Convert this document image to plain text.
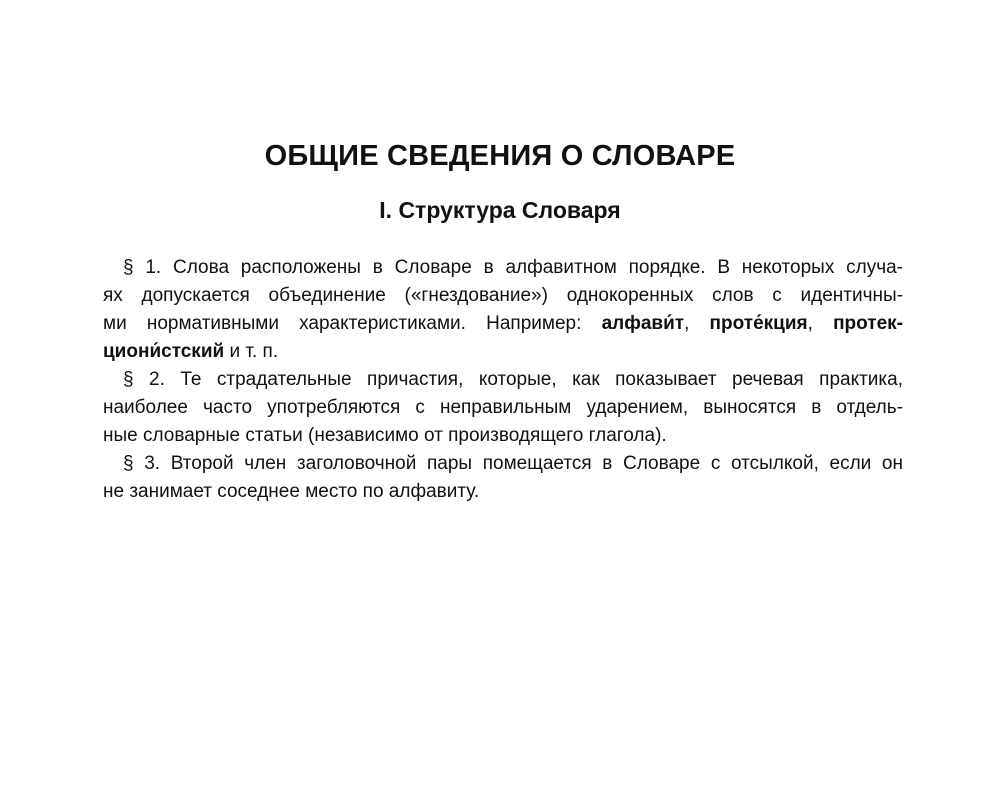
ОБЩИЕ СВЕДЕНИЯ О СЛОВАРЕ
I. Структура Словаря
§ 1. Слова расположены в Словаре в алфавитном порядке. В некоторых случа-
ях допускается объединение («гнездование») однокоренных слов с идентичны-
ми нормативными характеристиками. Например: алфави́т, проте́кция, протек-
циони́стский и т. п.
§ 2. Те страдательные причастия, которые, как показывает речевая практика,
наиболее часто употребляются с неправильным ударением, выносятся в отдель-
ные словарные статьи (независимо от производящего глагола).
§ 3. Второй член заголовочной пары помещается в Словаре с отсылкой, если он
не занимает соседнее место по алфавиту.
